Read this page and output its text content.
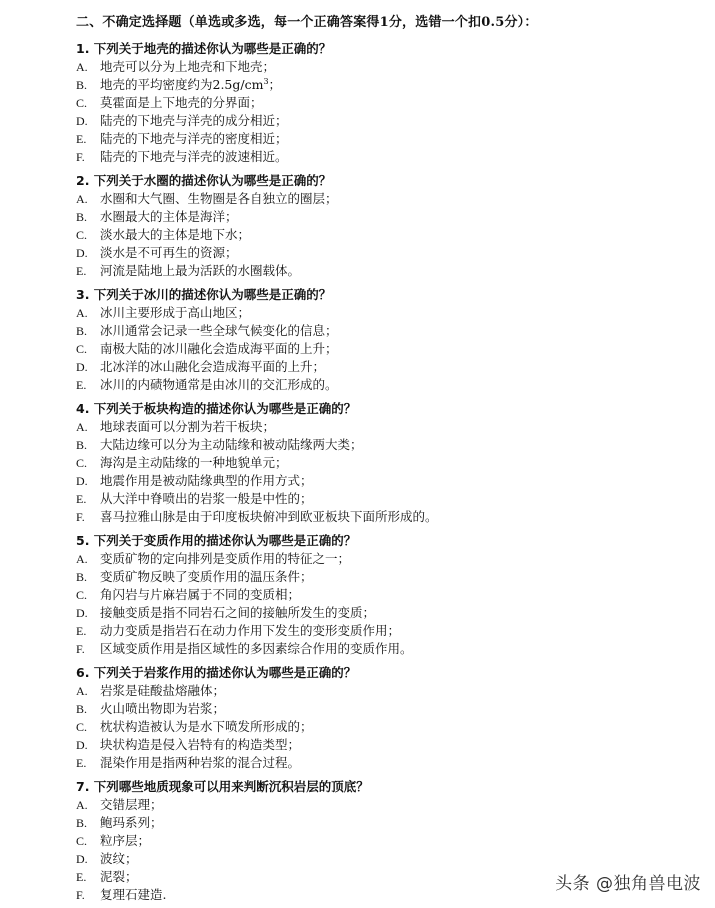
二、不确定选择题（单选或多选，每一个正确答案得1分，选错一个扣0.5分）：
1. 下列关于地壳的描述你认为哪些是正确的？
A. 地壳可以分为上地壳和下地壳；
B.	地壳的平均密度约为$2.5g/cm^3$；
C.	莫霍面是上下地壳的分界面；
D. 陆壳的下地壳与洋壳的成分相近；
E.	陆壳的下地壳与洋壳的密度相近；
F.	陆壳的下地壳与洋壳的波速相近。
2. 下列关于水圈的描述你认为哪些是正确的？
A. 水圈和大气圈、生物圈是各自独立的圈层；
B.	水圈最大的主体是海洋；
C.	淡水最大的主体是地下水；
D. 淡水是不可再生的资源；
E.	河流是陆地上最为活跃的水圈载体。
3. 下列关于冰川的描述你认为哪些是正确的？
A. 冰川主要形成于高山地区；
B.	冰川通常会记录一些全球气候变化的信息；
C.	南极大陆的冰川融化会造成海平面的上升；
D. 北冰洋的冰山融化会造成海平面的上升；
E.	冰川的内碛物通常是由冰川的交汇形成的。
4. 下列关于板块构造的描述你认为哪些是正确的？
A. 地球表面可以分割为若干板块；
B.	大陆边缘可以分为主动陆缘和被动陆缘两大类；
C.	海沟是主动陆缘的一种地貌单元；
D. 地震作用是被动陆缘典型的作用方式；
E.	从大洋中脊喷出的岩浆一般是中性的；
F.	喜马拉雅山脉是由于印度板块俯冲到欧亚板块下面所形成的。
5. 下列关于变质作用的描述你认为哪些是正确的？
A. 变质矿物的定向排列是变质作用的特征之一；
B.	变质矿物反映了变质作用的温压条件；
C.	角闪岩与片麻岩属于不同的变质相；
D. 接触变质是指不同岩石之间的接触所发生的变质；
E.	动力变质是指岩石在动力作用下发生的变形变质作用；
F.	区域变质作用是指区域性的多因素综合作用的变质作用。
6. 下列关于岩浆作用的描述你认为哪些是正确的？
A. 岩浆是硅酸盐熔融体；
B.	火山喷出物即为岩浆；
C.	枕状构造被认为是水下喷发所形成的；
D. 块状构造是侵入岩特有的构造类型；
E.	混染作用是指两种岩浆的混合过程。
7. 下列哪些地质现象可以用来判断沉积岩层的顶底？
A. 交错层理；
B.	鲍玛系列；
C.	粒序层；
D. 波纹；
E.	泥裂；
F.	复理石建造.
头条 @独角兽电波
